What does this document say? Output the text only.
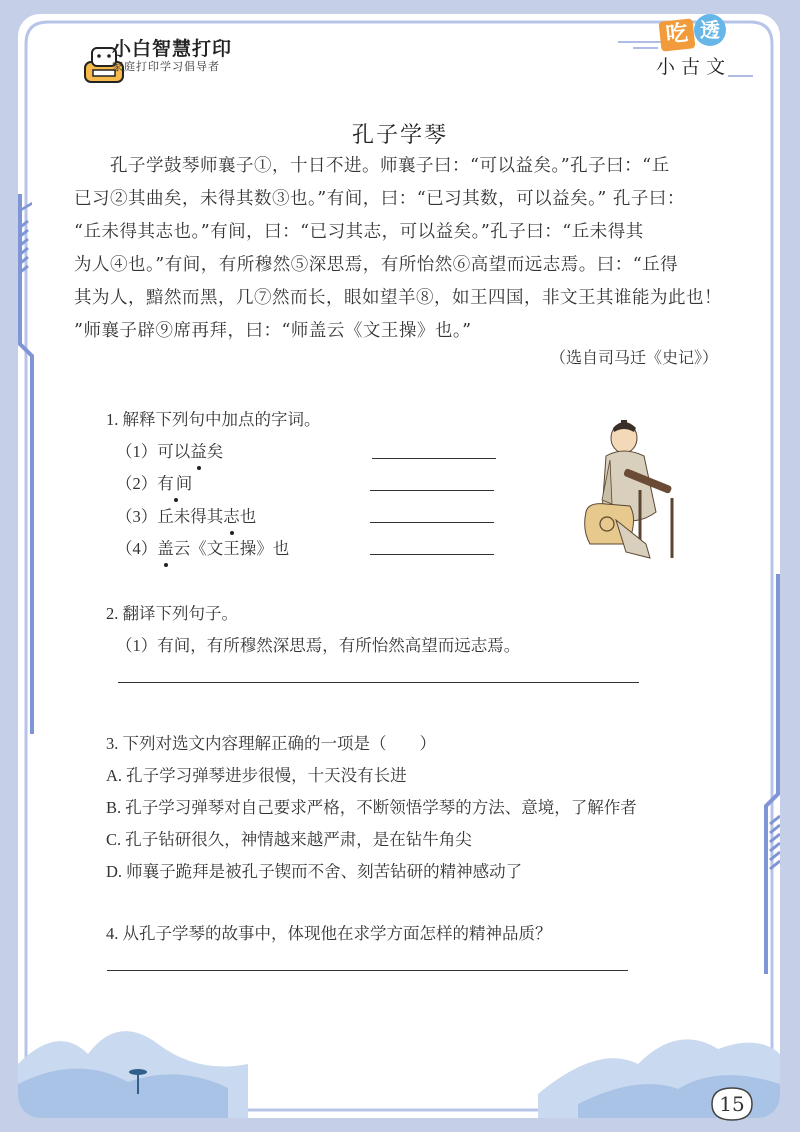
小白智慧打印
家庭打印学习倡导者
吃 透
小古文
孔子学琴

　　孔子学鼓琴师襄子①，十日不进。师襄子曰：“可以益矣。”孔子曰：“丘

已习②其曲矣，未得其数③也。”有间，曰：“已习其数，可以益矣。” 孔子曰：

“丘未得其志也。”有间，曰：“已习其志，可以益矣。”孔子曰：“丘未得其

为人④也。”有间，有所穆然⑤深思焉，有所怡然⑥高望而远志焉。曰：“丘得

其为人，黯然而黑，几⑦然而长，眼如望羊⑧，如王四国，非文王其谁能为此也！

”师襄子辟⑨席再拜，曰：“师盖云《文王操》也。”

（选自司马迁《史记》）
1. 解释下列句中加点的字词。
（1）可以益矣
（2）有间
（3）丘未得其志也
（4）盖云《文王操》也
2. 翻译下列句子。
（1）有间，有所穆然深思焉，有所怡然高望而远志焉。
3. 下列对选文内容理解正确的一项是（　　）
A. 孔子学习弹琴进步很慢，十天没有长进
B. 孔子学习弹琴对自己要求严格，不断领悟学琴的方法、意境，了解作者
C. 孔子钻研很久，神情越来越严肃，是在钻牛角尖
D. 师襄子跪拜是被孔子锲而不舍、刻苦钻研的精神感动了
4. 从孔子学琴的故事中，体现他在求学方面怎样的精神品质？
15
